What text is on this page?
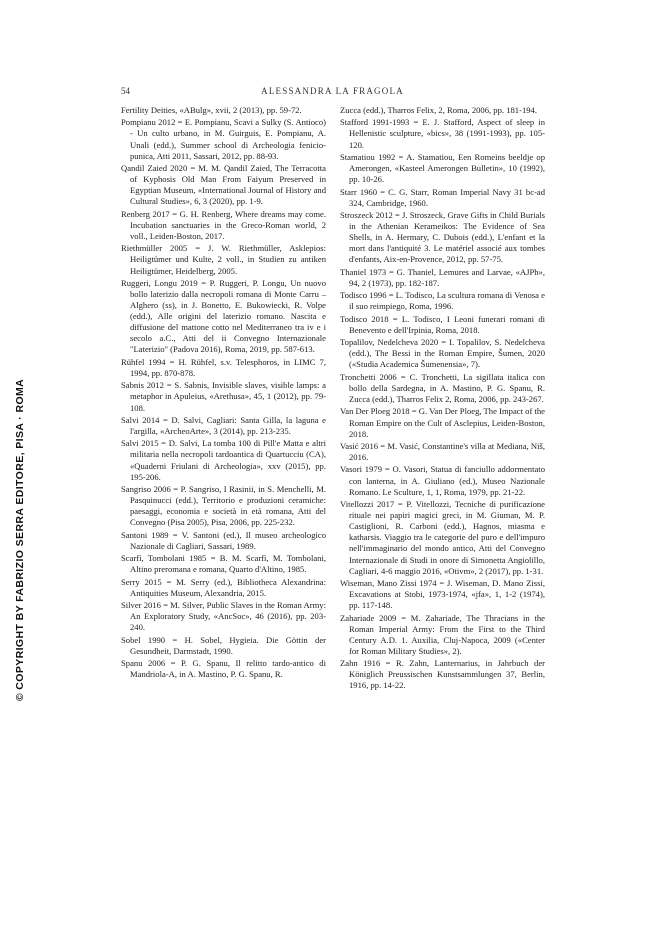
© COPYRIGHT BY FABRIZIO SERRA EDITORE, PISA · ROMA
54	ALESSANDRA LA FRAGOLA

Fertility Deities, «ABulg», xvii, 2 (2013), pp. 59-72.

Pompianu 2012 = E. Pompianu, Scavi a Sulky (S. Antioco) - Un culto urbano, in M. Guirguis, E. Pompianu, A. Unali (edd.), Summer school di Archeologia fenicio-punica, Atti 2011, Sassari, 2012, pp. 88-93.

Qandil Zaied 2020 = M. M. Qandil Zaied, The Terracotta of Kyphosis Old Man From Faiyum Preserved in Egyptian Museum, «International Journal of History and Cultural Studies», 6, 3 (2020), pp. 1-9.

Renberg 2017 = G. H. Renberg, Where dreams may come. Incubation sanctuaries in the Greco-Roman world, 2 voll., Leiden-Boston, 2017.

Riethmüller 2005 = J. W. Riethmüller, Asklepios: Heiligtümer und Kulte, 2 voll., in Studien zu antiken Heiligtümer, Heidelberg, 2005.

Ruggeri, Longu 2019 = P. Ruggeri, P. Longu, Un nuovo bollo laterizio dalla necropoli romana di Monte Carru – Alghero (ss), in J. Bonetto, E. Bukowiecki, R. Volpe (edd.), Alle origini del laterizio romano. Nascita e diffusione del mattone cotto nel Mediterraneo tra iv e i secolo a.C., Atti del ii Convegno Internazionale "Laterizio" (Padova 2016), Roma, 2019, pp. 587-613.

Rühfel 1994 = H. Rühfel, s.v. Telesphoros, in LIMC 7, 1994, pp. 870-878.

Sabnis 2012 = S. Sabnis, Invisible slaves, visible lamps: a metaphor in Apuleius, «Arethusa», 45, 1 (2012), pp. 79-108.

Salvi 2014 = D. Salvi, Cagliari: Santa Gilla, la laguna e l'argilla, «ArcheoArte», 3 (2014), pp. 213-235.

Salvi 2015 = D. Salvi, La tomba 100 di Pill'e Matta e altri militaria nella necropoli tardoantica di Quartucciu (CA), «Quaderni Friulani di Archeologia», xxv (2015), pp. 195-206.

Sangriso 2006 = P. Sangriso, I Rasinii, in S. Menchelli, M. Pasquinucci (edd.), Territorio e produzioni ceramiche: paesaggi, economia e società in età romana, Atti del Convegno (Pisa 2005), Pisa, 2006, pp. 225-232.

Santoni 1989 = V. Santoni (ed.), Il museo archeologico Nazionale di Cagliari, Sassari, 1989.

Scarfì, Tombolani 1985 = B. M. Scarfì, M. Tombolani, Altino preromana e romana, Quarto d'Altino, 1985.

Serry 2015 = M. Serry (ed.), Bibliotheca Alexandrina: Antiquities Museum, Alexandria, 2015.

Silver 2016 = M. Silver, Public Slaves in the Roman Army: An Exploratory Study, «AncSoc», 46 (2016), pp. 203-240.

Sobel 1990 = H. Sobel, Hygieia. Die Göttin der Gesundheit, Darmstadt, 1990.

Spanu 2006 = P. G. Spanu, Il relitto tardo-antico di Mandriola-A, in A. Mastino, P. G. Spanu, R.

Zucca (edd.), Tharros Felix, 2, Roma, 2006, pp. 181-194.

Stafford 1991-1993 = E. J. Stafford, Aspect of sleep in Hellenistic sculpture, «bics», 38 (1991-1993), pp. 105-120.

Stamatiou 1992 = A. Stamatiou, Een Romeins beeldje op Amerongen, «Kasteel Amerongen Bulletin», 10 (1992), pp. 10-26.

Starr 1960 = C. G. Starr, Roman Imperial Navy 31 bc-ad 324, Cambridge, 1960.

Stroszeck 2012 = J. Stroszeck, Grave Gifts in Child Burials in the Athenian Kerameikos: The Evidence of Sea Shells, in A. Hermary, C. Dubois (edd.), L'enfant et la mort dans l'antiquité 3. Le matériel associé aux tombes d'enfants, Aix-en-Provence, 2012, pp. 57-75.

Thaniel 1973 = G. Thaniel, Lemures and Larvae, «AJPh», 94, 2 (1973), pp. 182-187.

Todisco 1996 = L. Todisco, La scultura romana di Venosa e il suo reimpiego, Roma, 1996.

Todisco 2018 = L. Todisco, I Leoni funerari romani di Benevento e dell'Irpinia, Roma, 2018.

Topalilov, Nedelcheva 2020 = I. Topalilov, S. Nedelcheva (edd.), The Bessi in the Roman Empire, Šumen, 2020 («Studia Academica Šumenensia», 7).

Tronchetti 2006 = C. Tronchetti, La sigillata italica con bollo della Sardegna, in A. Mastino, P. G. Spanu, R. Zucca (edd.), Tharros Felix 2, Roma, 2006, pp. 243-267.

Van Der Ploeg 2018 = G. Van Der Ploeg, The Impact of the Roman Empire on the Cult of Asclepius, Leiden-Boston, 2018.

Vasić 2016 = M. Vasić, Constantine's villa at Mediana, Niš, 2016.

Vasori 1979 = O. Vasori, Statua di fanciullo addormentato con lanterna, in A. Giuliano (ed.), Museo Nazionale Romano. Le Sculture, 1, 1, Roma, 1979, pp. 21-22.

Vitellozzi 2017 = P. Vitellozzi, Tecniche di purificazione rituale nei papiri magici greci, in M. Giuman, M. P. Castiglioni, R. Carboni (edd.), Hagnos, miasma e katharsis. Viaggio tra le categorie del puro e dell'impuro nell'immaginario del mondo antico, Atti del Convegno Internazionale di Studi in onore di Simonetta Angiolillo, Cagliari, 4-6 maggio 2016, «Otivm», 2 (2017), pp. 1-31.

Wiseman, Mano Zissi 1974 = J. Wiseman, D. Mano Zissi, Excavations at Stobi, 1973-1974, «jfa», 1, 1-2 (1974), pp. 117-148.

Zahariade 2009 = M. Zahariade, The Thracians in the Roman Imperial Army: From the First to the Third Century A.D. 1. Auxilia, Cluj-Napoca, 2009 («Center for Roman Military Studies», 2).

Zahn 1916 = R. Zahn, Lanternarius, in Jahrbuch der Königlich Preussischen Kunstsammlungen 37, Berlin, 1916, pp. 14-22.
